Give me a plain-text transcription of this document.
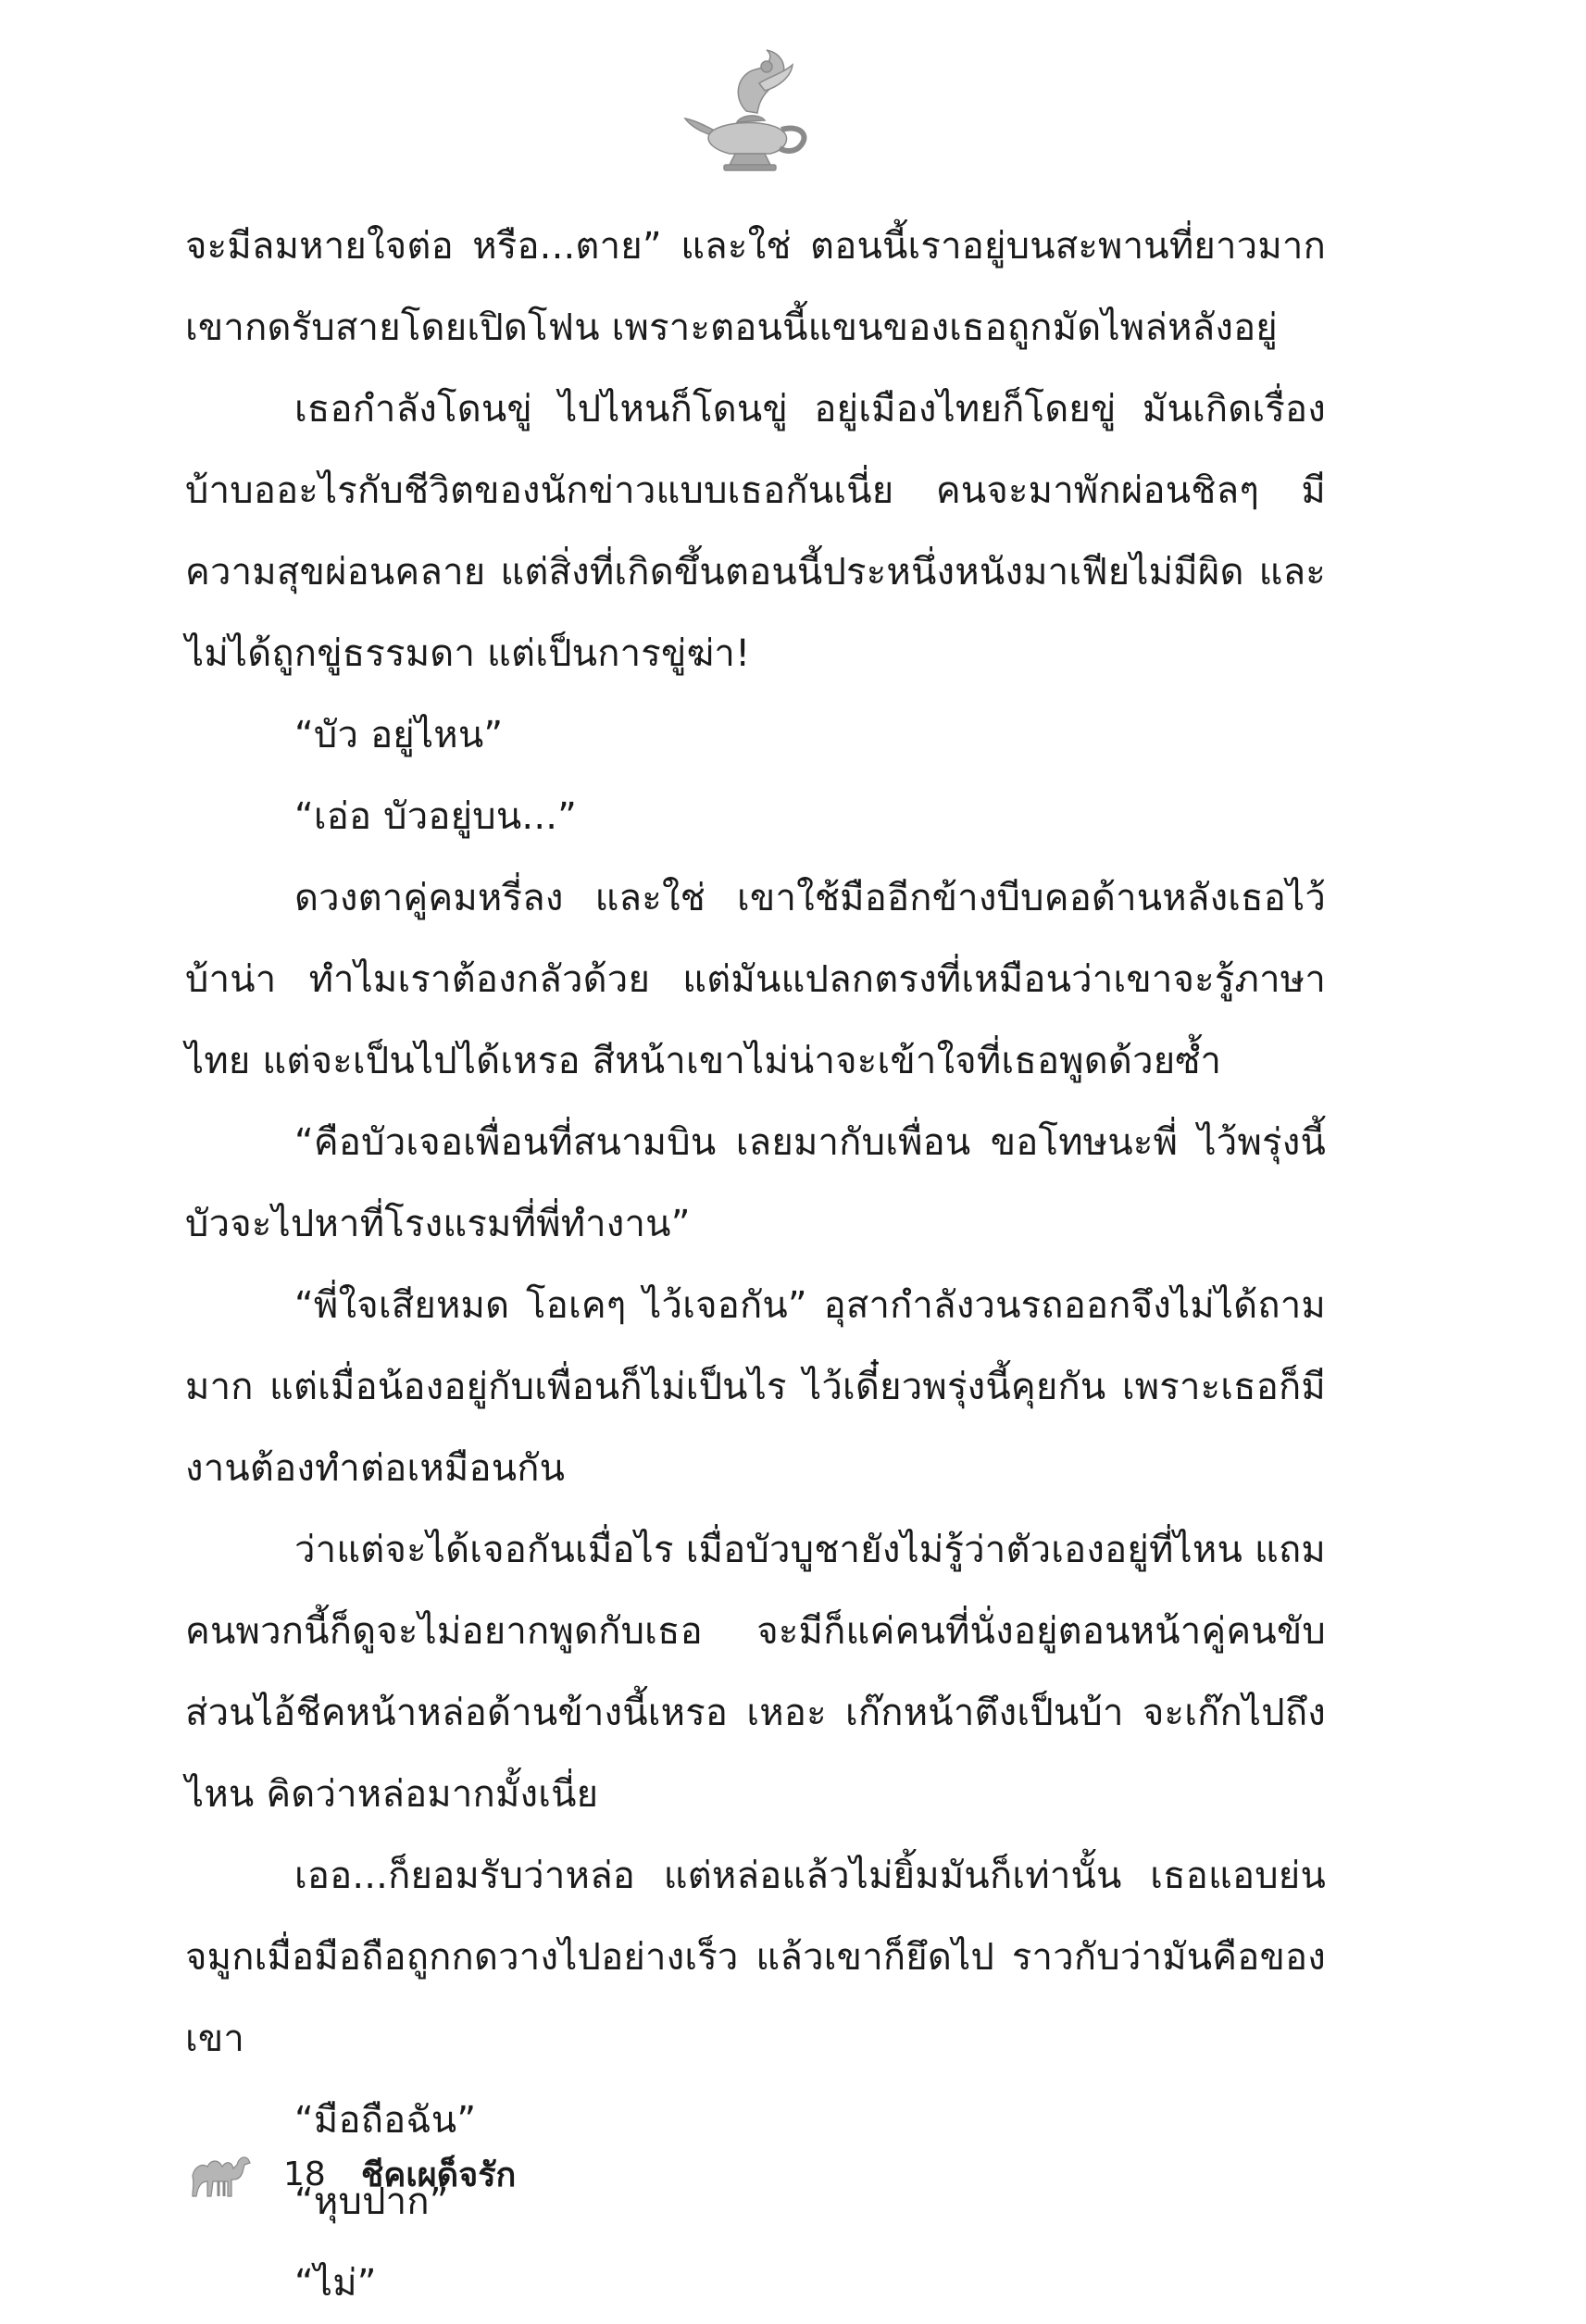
จะมีลมหายใจต่อ หรือ...ตาย” และใช่ ตอนนี้เราอยู่บนสะพานที่ยาวมาก เขากดรับสายโดยเปิดโฟน เพราะตอนนี้แขนของเธอถูกมัดไพล่หลังอยู่

เธอกำลังโดนขู่ ไปไหนก็โดนขู่ อยู่เมืองไทยก็โดยขู่ มันเกิดเรื่องบ้าบออะไรกับชีวิตของนักข่าวแบบเธอกันเนี่ย คนจะมาพักผ่อนชิลๆ มีความสุขผ่อนคลาย แต่สิ่งที่เกิดขึ้นตอนนี้ประหนึ่งหนังมาเฟียไม่มีผิด และไม่ได้ถูกขู่ธรรมดา แต่เป็นการขู่ฆ่า!

“บัว อยู่ไหน”

“เอ่อ บัวอยู่บน...”

ดวงตาคู่คมหรี่ลง และใช่ เขาใช้มืออีกข้างบีบคอด้านหลังเธอไว้ บ้าน่า ทำไมเราต้องกลัวด้วย แต่มันแปลกตรงที่เหมือนว่าเขาจะรู้ภาษาไทย แต่จะเป็นไปได้เหรอ สีหน้าเขาไม่น่าจะเข้าใจที่เธอพูดด้วยซ้ำ

“คือบัวเจอเพื่อนที่สนามบิน เลยมากับเพื่อน ขอโทษนะพี่ ไว้พรุ่งนี้บัวจะไปหาที่โรงแรมที่พี่ทำงาน”

“พี่ใจเสียหมด โอเคๆ ไว้เจอกัน” อุสากำลังวนรถออกจึงไม่ได้ถามมาก แต่เมื่อน้องอยู่กับเพื่อนก็ไม่เป็นไร ไว้เดี๋ยวพรุ่งนี้คุยกัน เพราะเธอก็มีงานต้องทำต่อเหมือนกัน

ว่าแต่จะได้เจอกันเมื่อไร เมื่อบัวบูชายังไม่รู้ว่าตัวเองอยู่ที่ไหน แถมคนพวกนี้ก็ดูจะไม่อยากพูดกับเธอ จะมีก็แค่คนที่นั่งอยู่ตอนหน้าคู่คนขับ ส่วนไอ้ชีคหน้าหล่อด้านข้างนี้เหรอ เหอะ เก๊กหน้าตึงเป็นบ้า จะเก๊กไปถึงไหน คิดว่าหล่อมากมั้งเนี่ย

เออ...ก็ยอมรับว่าหล่อ แต่หล่อแล้วไม่ยิ้มมันก็เท่านั้น เธอแอบย่นจมูกเมื่อมือถือถูกกดวางไปอย่างเร็ว แล้วเขาก็ยึดไป ราวกับว่ามันคือของเขา

“มือถือฉัน”

“หุบปาก”

“ไม่”

18 ชีคเผด็จรัก
